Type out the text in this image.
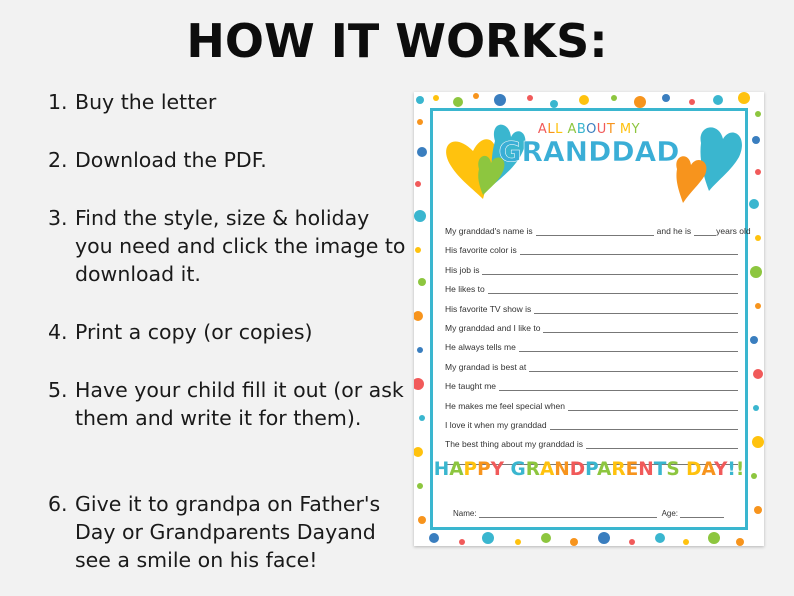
HOW IT WORKS:
1. Buy the letter
2. Download the PDF.
3. Find the style, size & holiday you need and click the image to download it.
4. Print a copy (or copies)
5. Have your child fill it out (or ask them and write it for them).
6. Give it to grandpa on Father's Day or Grandparents Dayand see a smile on his face!
ALL ABOUT MY
GRANDDAD
My granddad's name is	and he is	years old
His favorite color is
His job is
He likes to
His favorite TV show is
My granddad and I like to
He always tells me
My grandad is best at
He taught me
He makes me feel special when
I love it when my granddad
The best thing about my granddad is
HAPPY GRANDPARENTS DAY!!
Name:	Age:
